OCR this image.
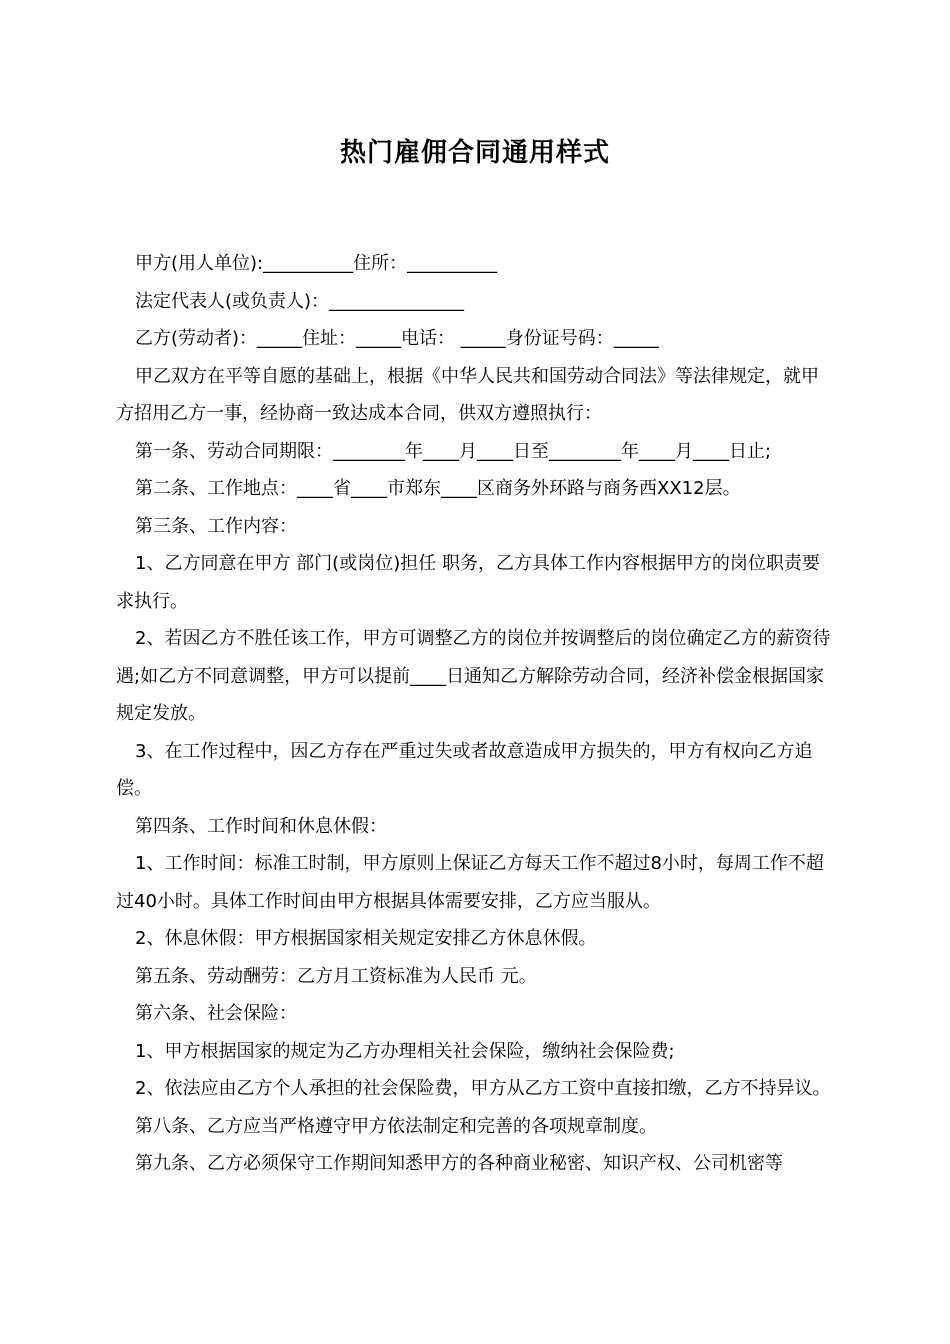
热门雇佣合同通用样式

甲方(用人单位):__________住所：__________

法定代表人(或负责人)：_______________

乙方(劳动者)：_____住址：_____电话： _____身份证号码：_____

甲乙双方在平等自愿的基础上，根据《中华人民共和国劳动合同法》等法律规定，就甲方招用乙方一事，经协商一致达成本合同，供双方遵照执行：

第一条、劳动合同期限：________年____月____日至________年____月____日止;

第二条、工作地点：____省____市郑东____区商务外环路与商务西XX12层。

第三条、工作内容：

1、乙方同意在甲方 部门(或岗位)担任 职务，乙方具体工作内容根据甲方的岗位职责要求执行。

2、若因乙方不胜任该工作，甲方可调整乙方的岗位并按调整后的岗位确定乙方的薪资待遇;如乙方不同意调整，甲方可以提前____日通知乙方解除劳动合同，经济补偿金根据国家规定发放。

3、在工作过程中，因乙方存在严重过失或者故意造成甲方损失的，甲方有权向乙方追偿。

第四条、工作时间和休息休假：

1、工作时间：标准工时制，甲方原则上保证乙方每天工作不超过8小时，每周工作不超过40小时。具体工作时间由甲方根据具体需要安排，乙方应当服从。

2、休息休假：甲方根据国家相关规定安排乙方休息休假。

第五条、劳动酬劳：乙方月工资标准为人民币 元。

第六条、社会保险：

1、甲方根据国家的规定为乙方办理相关社会保险，缴纳社会保险费;

2、依法应由乙方个人承担的社会保险费，甲方从乙方工资中直接扣缴，乙方不持异议。

第八条、乙方应当严格遵守甲方依法制定和完善的各项规章制度。

第九条、乙方必须保守工作期间知悉甲方的各种商业秘密、知识产权、公司机密等
